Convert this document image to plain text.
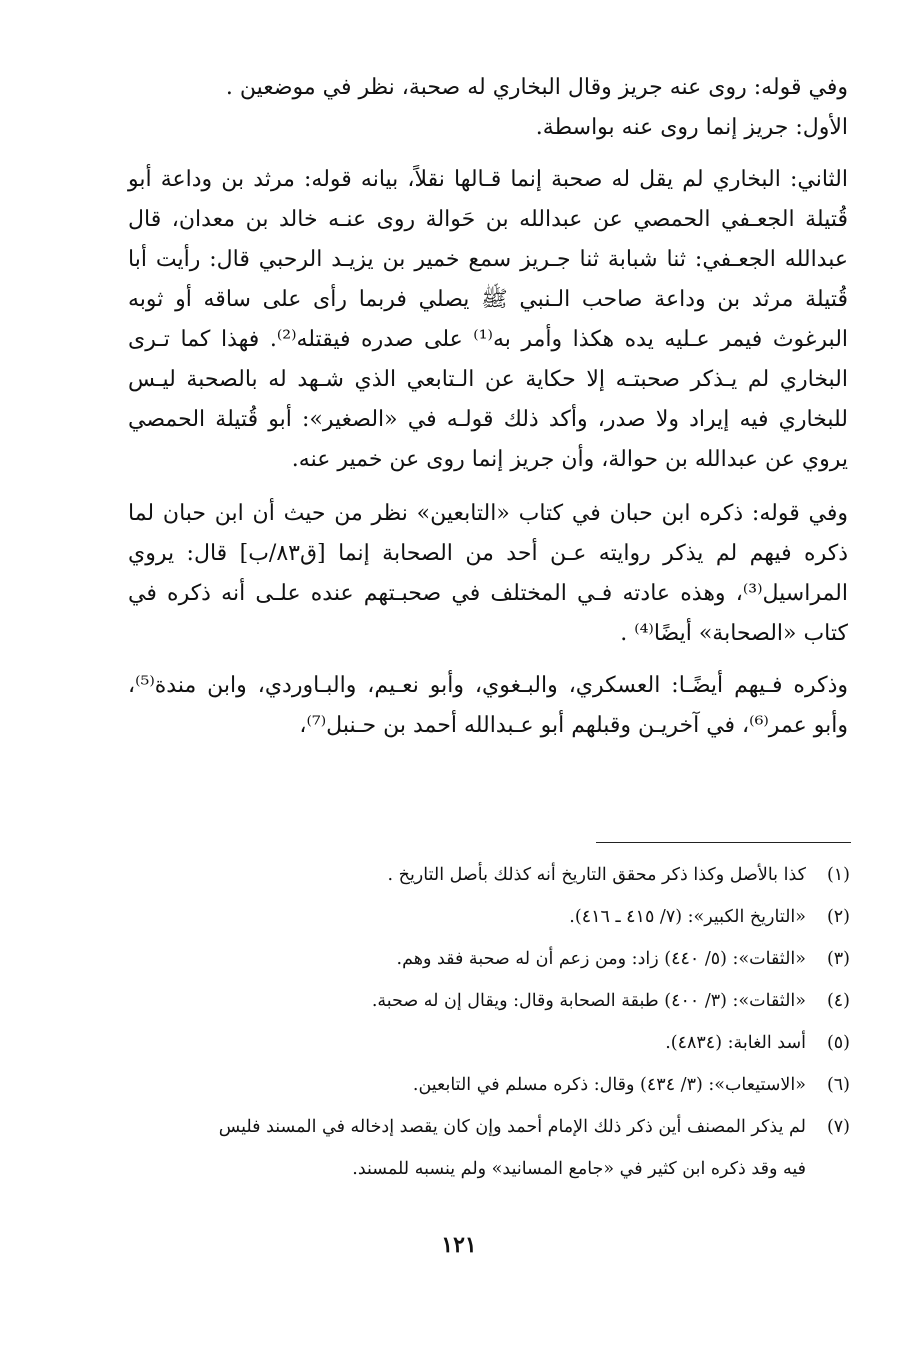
وفي قوله: روى عنه جريز وقال البخاري له صحبة، نظر في موضعين .

الأول: جريز إنما روى عنه بواسطة.

الثاني: البخاري لم يقل له صحبة إنما قـالها نقلاً، بيانه قوله: مرثد بن وداعة أبو قُتيلة الجعـفي الحمصي عن عبدالله بن حَوالة روى عنـه خالد بن معدان، قال عبدالله الجعـفي: ثنا شبابة ثنا جـريز سمع خمير بن يزيـد الرحبي قال: رأيت أبا قُتيلة مرثد بن وداعة صاحب الـنبي ﷺ يصلي فربما رأى على ساقه أو ثوبه البرغوث فيمر عـليه يده هكذا وأمر به⁽¹⁾ على صدره فيقتله⁽²⁾. فهذا كما تـرى البخاري لم يـذكر صحبتـه إلا حكاية عن الـتابعي الذي شـهد له بالصحبة ليـس للبخاري فيه إيراد ولا صدر، وأكد ذلك قولـه في «الصغير»: أبو قُتيلة الحمصي يروي عن عبدالله بن حوالة، وأن جريز إنما روى عن خمير عنه.

وفي قوله: ذكره ابن حبان في كتاب «التابعين» نظر من حيث أن ابن حبان لما ذكره فيهم لم يذكر روايته عـن أحد من الصحابة إنما [ق٨٣/ب] قال: يروي المراسيل⁽³⁾، وهذه عادته فـي المختلف في صحبـتهم عنده علـى أنه ذكره في كتاب «الصحابة» أيضًا⁽⁴⁾ .

وذكره فـيهم أيضًـا: العسكري، والبـغوي، وأبو نعـيم، والبـاوردي، وابن مندة⁽⁵⁾، وأبو عمر⁽⁶⁾، في آخريـن وقبلهم أبو عـبدالله أحمد بن حـنبل⁽⁷⁾،

(١)
كذا بالأصل وكذا ذكر محقق التاريخ أنه كذلك بأصل التاريخ .

(٢)
«التاريخ الكبير»: (٧/ ٤١٥ ـ ٤١٦).

(٣)
«الثقات»: (٥/ ٤٤٠) زاد: ومن زعم أن له صحبة فقد وهم.

(٤)
«الثقات»: (٣/ ٤٠٠) طبقة الصحابة وقال: ويقال إن له صحبة.

(٥)
أسد الغابة: (٤٨٣٤).

(٦)
«الاستيعاب»: (٣/ ٤٣٤) وقال: ذكره مسلم في التابعين.

(٧)
لم يذكر المصنف أين ذكر ذلك الإمام أحمد وإن كان يقصد إدخاله في المسند فليس

فيه وقد ذكره ابن كثير في «جامع المسانيد» ولم ينسبه للمسند.

١٢١
